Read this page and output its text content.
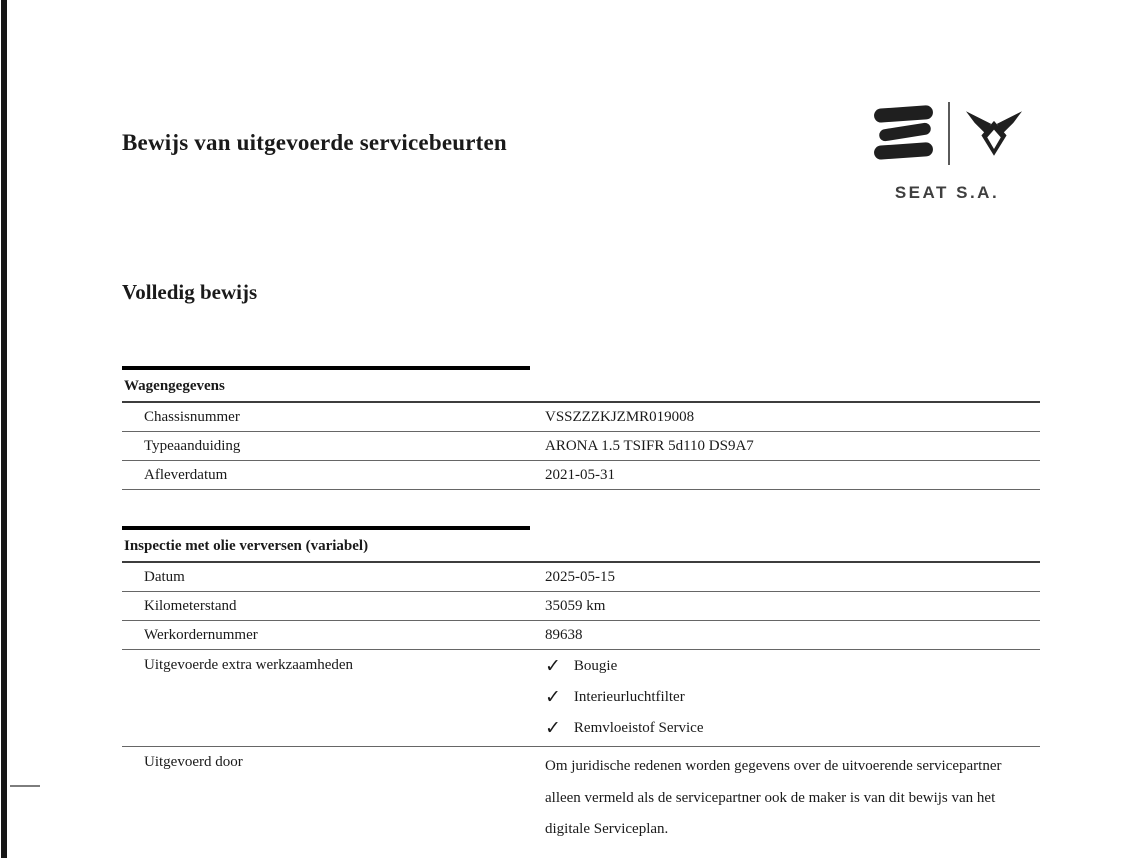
Bewijs van uitgevoerde servicebeurten
SEAT S.A.
Volledig bewijs
Wagengegevens
Chassisnummer	VSSZZZKJZMR019008
Typeaanduiding	ARONA 1.5 TSIFR 5d110 DS9A7
Afleverdatum	2021-05-31
Inspectie met olie verversen (variabel)
Datum	2025-05-15
Kilometerstand	35059 km
Werkordernummer	89638
Uitgevoerde extra werkzaamheden	✓ Bougie
✓ Interieurluchtfilter
✓ Remvloeistof Service
Uitgevoerd door	Om juridische redenen worden gegevens over de uitvoerende servicepartner alleen vermeld als de servicepartner ook de maker is van dit bewijs van het digitale Serviceplan.
